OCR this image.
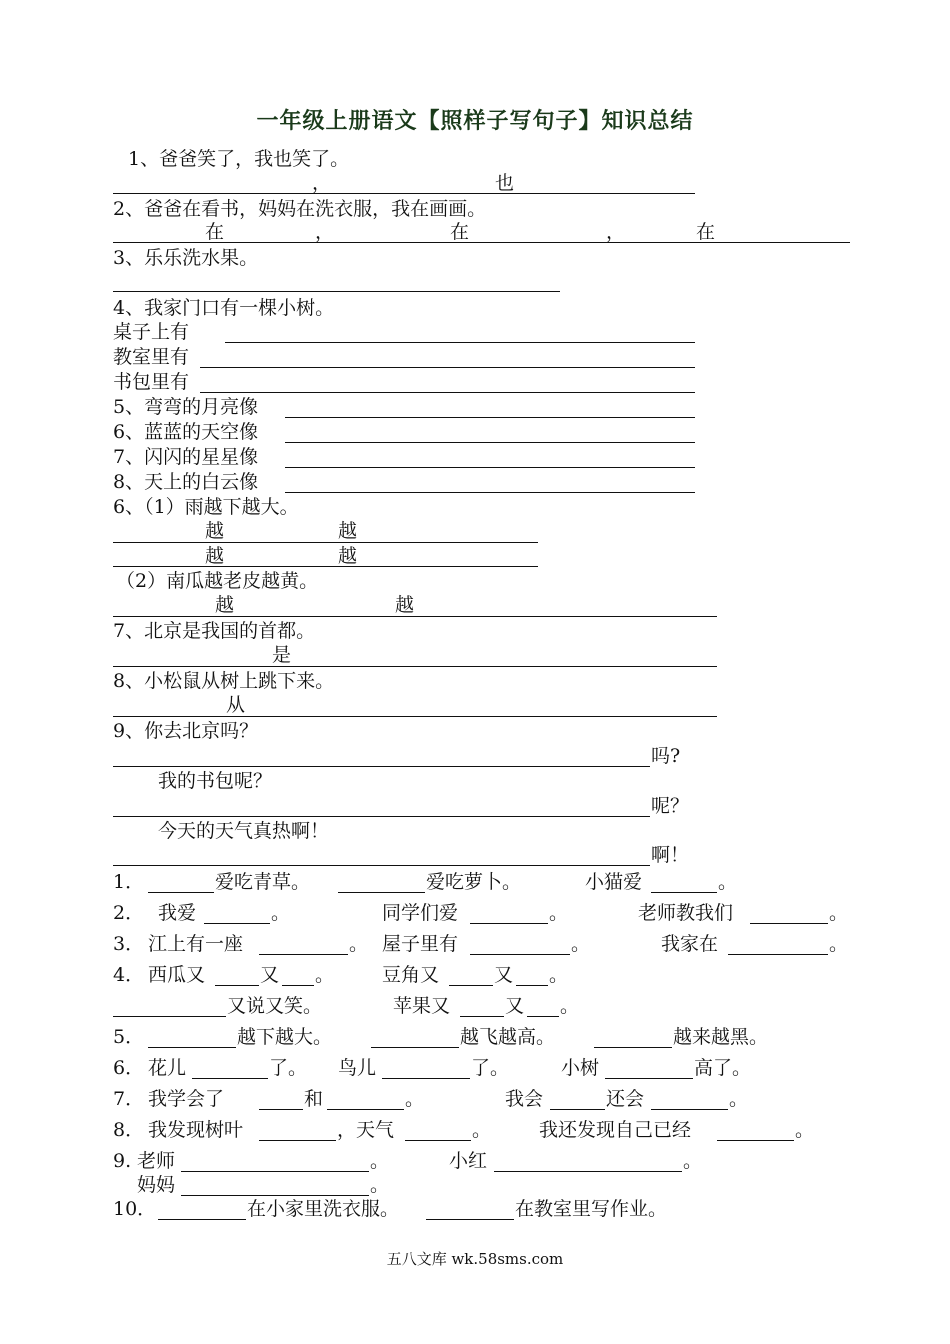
一年级上册语文【照样子写句子】知识总结
1、爸爸笑了，我也笑了。
，	也
2、爸爸在看书，妈妈在洗衣服，我在画画。
在	，	在	，	在
3、乐乐洗水果。
4、我家门口有一棵小树。
桌子上有
教室里有
书包里有
5、弯弯的月亮像
6、蓝蓝的天空像
7、闪闪的星星像
8、天上的白云像
6、（1）雨越下越大。
越	越
越	越
（2）南瓜越老皮越黄。
越	越
7、北京是我国的首都。
是
8、小松鼠从树上跳下来。
从
9、你去北京吗？
吗?
我的书包呢？
呢？
今天的天气真热啊！
啊！
1．	爱吃青草。	爱吃萝卜。	小猫爱	。
2． 我爱	。	同学们爱	。	老师教我们	。
3． 江上有一座	。 屋子里有	。	我家在	。
4． 西瓜又	又 。	豆角又	又 。
又说又笑。	苹果又	又 。
5．	越下越大。	越飞越高。	越来越黑。
6． 花儿	了。 鸟儿	了。	小树	高了。
7． 我学会了	和	。	我会	还会	。
8． 我发现树叶	，天气	。	我还发现自己已经	。
9. 老师	。	小红	。
妈妈	。
10．	在小家里洗衣服。	在教室里写作业。
五八文库 wk.58sms.com
